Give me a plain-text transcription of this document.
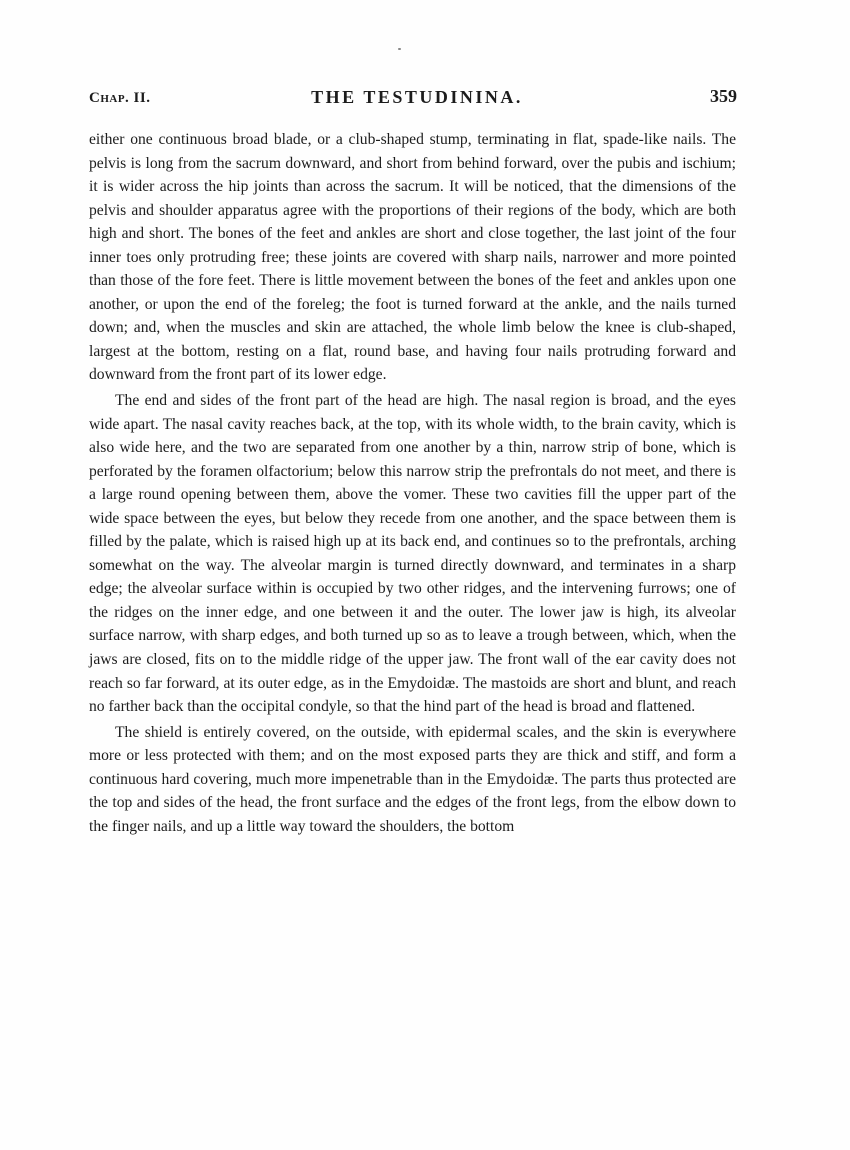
Chap. II.	THE TESTUDININA.	359

either one continuous broad blade, or a club-shaped stump, terminating in flat, spade-like nails. The pelvis is long from the sacrum downward, and short from behind forward, over the pubis and ischium; it is wider across the hip joints than across the sacrum. It will be noticed, that the dimensions of the pelvis and shoulder apparatus agree with the proportions of their regions of the body, which are both high and short. The bones of the feet and ankles are short and close together, the last joint of the four inner toes only protruding free; these joints are covered with sharp nails, narrower and more pointed than those of the fore feet. There is little movement between the bones of the feet and ankles upon one another, or upon the end of the foreleg; the foot is turned forward at the ankle, and the nails turned down; and, when the muscles and skin are attached, the whole limb below the knee is club-shaped, largest at the bottom, resting on a flat, round base, and having four nails protruding forward and downward from the front part of its lower edge.

The end and sides of the front part of the head are high. The nasal region is broad, and the eyes wide apart. The nasal cavity reaches back, at the top, with its whole width, to the brain cavity, which is also wide here, and the two are separated from one another by a thin, narrow strip of bone, which is perforated by the foramen olfactorium; below this narrow strip the prefrontals do not meet, and there is a large round opening between them, above the vomer. These two cavities fill the upper part of the wide space between the eyes, but below they recede from one another, and the space between them is filled by the palate, which is raised high up at its back end, and continues so to the prefrontals, arching somewhat on the way. The alveolar margin is turned directly downward, and terminates in a sharp edge; the alveolar surface within is occupied by two other ridges, and the intervening furrows; one of the ridges on the inner edge, and one between it and the outer. The lower jaw is high, its alveolar surface narrow, with sharp edges, and both turned up so as to leave a trough between, which, when the jaws are closed, fits on to the middle ridge of the upper jaw. The front wall of the ear cavity does not reach so far forward, at its outer edge, as in the Emydoidæ. The mastoids are short and blunt, and reach no farther back than the occipital condyle, so that the hind part of the head is broad and flattened.

The shield is entirely covered, on the outside, with epidermal scales, and the skin is everywhere more or less protected with them; and on the most exposed parts they are thick and stiff, and form a continuous hard covering, much more impenetrable than in the Emydoidæ. The parts thus protected are the top and sides of the head, the front surface and the edges of the front legs, from the elbow down to the finger nails, and up a little way toward the shoulders, the bottom
